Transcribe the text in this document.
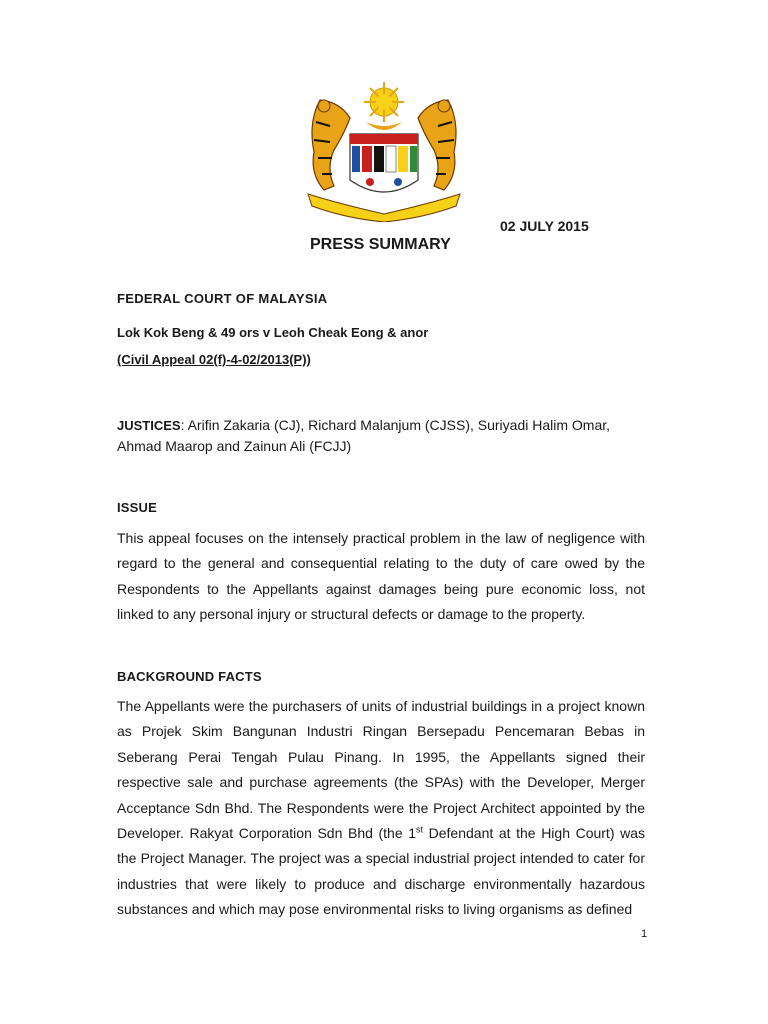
02 JULY 2015
PRESS SUMMARY
FEDERAL COURT OF MALAYSIA
Lok Kok Beng & 49 ors v Leoh Cheak Eong & anor
(Civil Appeal 02(f)-4-02/2013(P))
JUSTICES: Arifin Zakaria (CJ), Richard Malanjum (CJSS), Suriyadi Halim Omar, Ahmad Maarop and Zainun Ali (FCJJ)
ISSUE
This appeal focuses on the intensely practical problem in the law of negligence with regard to the general and consequential relating to the duty of care owed by the Respondents to the Appellants against damages being pure economic loss, not linked to any personal injury or structural defects or damage to the property.
BACKGROUND FACTS
The Appellants were the purchasers of units of industrial buildings in a project known as Projek Skim Bangunan Industri Ringan Bersepadu Pencemaran Bebas in Seberang Perai Tengah Pulau Pinang. In 1995, the Appellants signed their respective sale and purchase agreements (the SPAs) with the Developer, Merger Acceptance Sdn Bhd. The Respondents were the Project Architect appointed by the Developer. Rakyat Corporation Sdn Bhd (the 1st Defendant at the High Court) was the Project Manager. The project was a special industrial project intended to cater for industries that were likely to produce and discharge environmentally hazardous substances and which may pose environmental risks to living organisms as defined
1
